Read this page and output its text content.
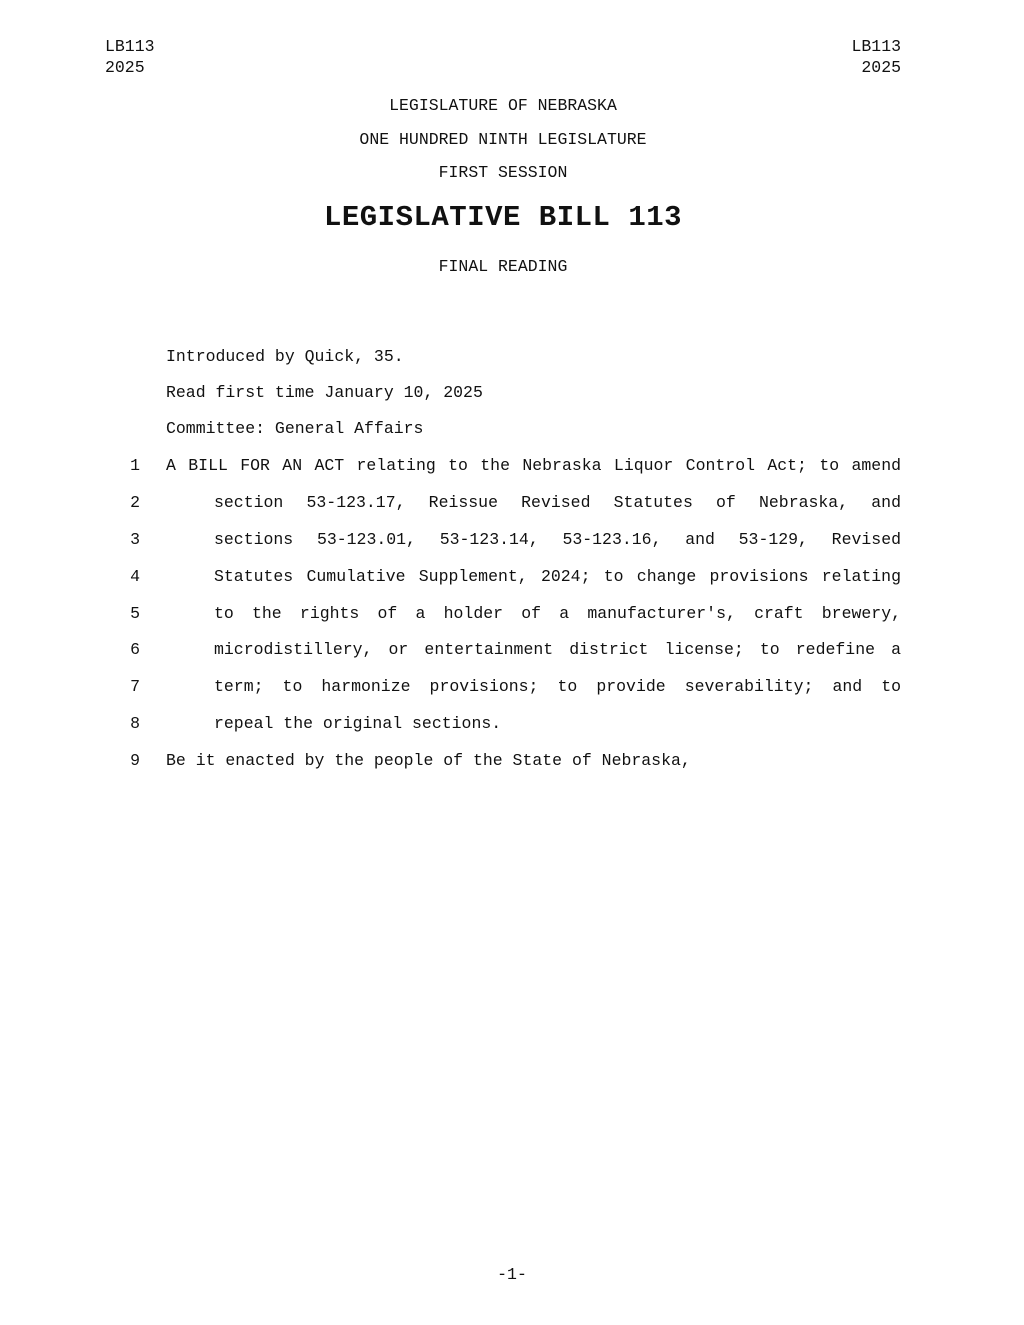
LB113
2025
LB113
2025
LEGISLATURE OF NEBRASKA
ONE HUNDRED NINTH LEGISLATURE
FIRST SESSION
LEGISLATIVE BILL 113
FINAL READING
Introduced by Quick, 35.
Read first time January 10, 2025
Committee: General Affairs
1 A BILL FOR AN ACT relating to the Nebraska Liquor Control Act; to amend
2	section 53-123.17, Reissue Revised Statutes of Nebraska, and
3	sections 53-123.01, 53-123.14, 53-123.16, and 53-129, Revised
4	Statutes Cumulative Supplement, 2024; to change provisions relating
5	to the rights of a holder of a manufacturer's, craft brewery,
6	microdistillery, or entertainment district license; to redefine a
7	term; to harmonize provisions; to provide severability; and to
8	repeal the original sections.
9 Be it enacted by the people of the State of Nebraska,
-1-
